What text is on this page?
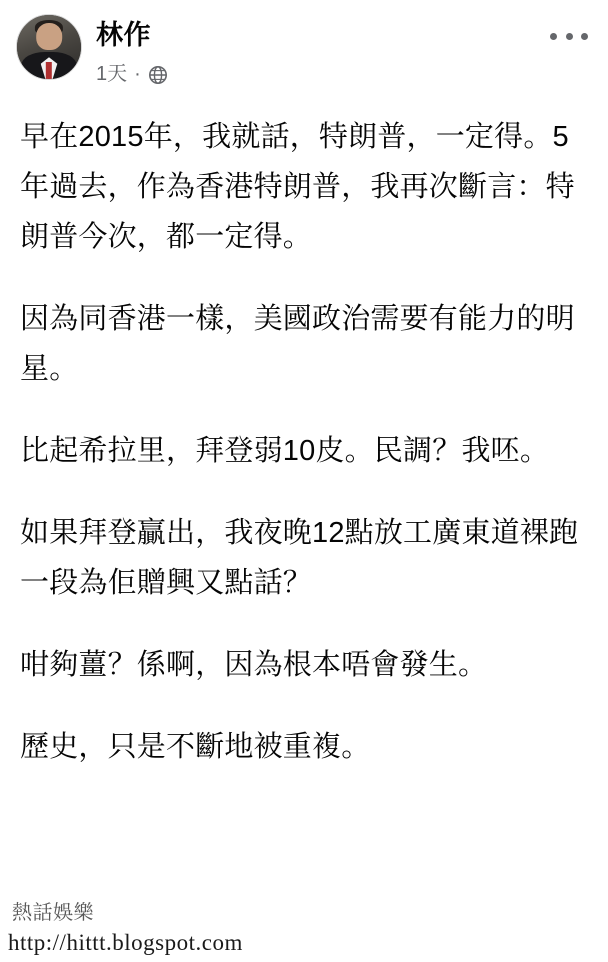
林作
1天 ·

早在2015年，我就話，特朗普，一定得。5年過去，作為香港特朗普，我再次斷言：特朗普今次，都一定得。

因為同香港一樣，美國政治需要有能力的明星。

比起希拉里，拜登弱10皮。民調？我呸。

如果拜登贏出，我夜晚12點放工廣東道裸跑一段為佢贈興又點話？

咁夠薑？係啊，因為根本唔會發生。

歷史，只是不斷地被重複。

熱話娛樂
http://hittt.blogspot.com
